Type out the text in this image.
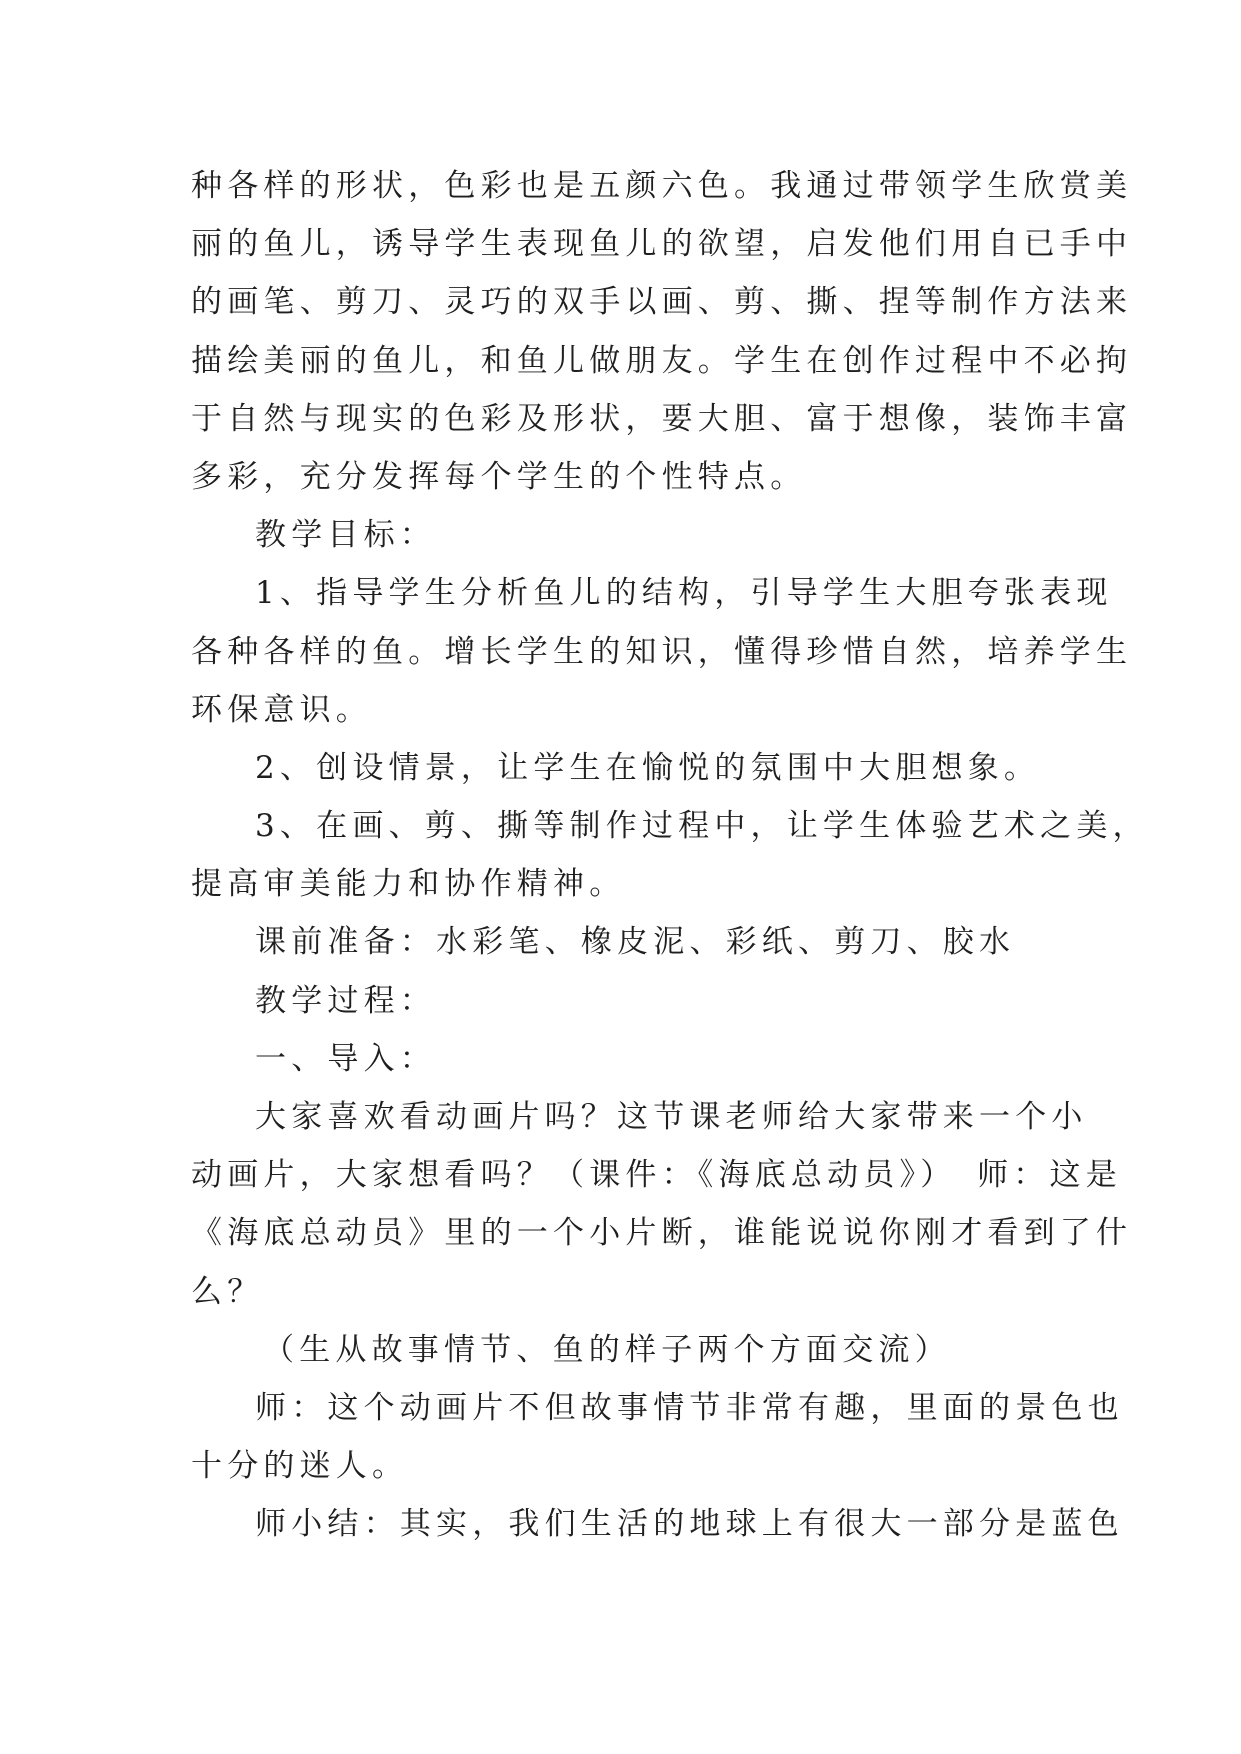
种各样的形状，色彩也是五颜六色。我通过带领学生欣赏美
丽的鱼儿，诱导学生表现鱼儿的欲望，启发他们用自已手中
的画笔、剪刀、灵巧的双手以画、剪、撕、捏等制作方法来
描绘美丽的鱼儿，和鱼儿做朋友。学生在创作过程中不必拘
于自然与现实的色彩及形状，要大胆、富于想像，装饰丰富
多彩，充分发挥每个学生的个性特点。
教学目标：
1、指导学生分析鱼儿的结构，引导学生大胆夸张表现
各种各样的鱼。增长学生的知识，懂得珍惜自然，培养学生
环保意识。
2、创设情景，让学生在愉悦的氛围中大胆想象。
3、在画、剪、撕等制作过程中，让学生体验艺术之美，
提高审美能力和协作精神。
课前准备：水彩笔、橡皮泥、彩纸、剪刀、胶水
教学过程：
一、导入：
大家喜欢看动画片吗？这节课老师给大家带来一个小
动画片，大家想看吗？（课件：《海底总动员》）　师：这是
《海底总动员》里的一个小片断，谁能说说你刚才看到了什
么？
（生从故事情节、鱼的样子两个方面交流）
师：这个动画片不但故事情节非常有趣，里面的景色也
十分的迷人。
师小结：其实，我们生活的地球上有很大一部分是蓝色
